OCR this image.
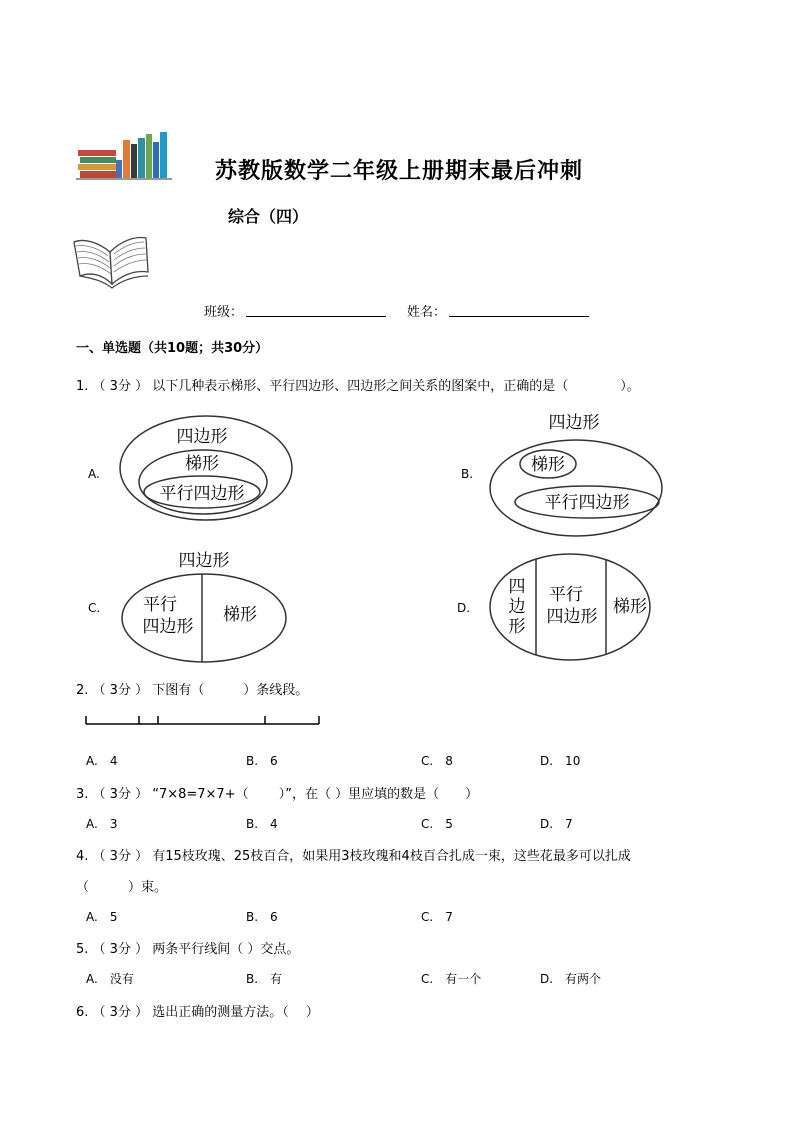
苏教版数学二年级上册期末最后冲刺
综合（四）
班级：	姓名：
一、单选题（共10题；共30分）
1. （ 3分 ） 以下几种表示梯形、平行四边形、四边形之间关系的图案中，正确的是（　　　　）。
A.
四边形
梯形
平行四边形
B.
四边形
梯形
平行四边形
C.
四边形
平行
四边形
梯形	D.
四
边
形
平行
四边形 梯形
2. （ 3分 ） 下图有（　　　）条线段。
A.　4	B.　6	C.　8	D.　10
3. （ 3分 ） “7×8=7×7+（　　 ）”，在（ ）里应填的数是（　　）
A.　3	B.　4	C.　5	D.　7
4. （ 3分 ） 有15枝玫瑰、25枝百合，如果用3枝玫瑰和4枝百合扎成一束，这些花最多可以扎成
（　　　）束。
A.　5	B.　6	C.　7
5. （ 3分 ） 两条平行线间（ ）交点。
A.　没有	B.　有	C.　有一个	D.　有两个
6. （ 3分 ） 选出正确的测量方法。（　 ）
